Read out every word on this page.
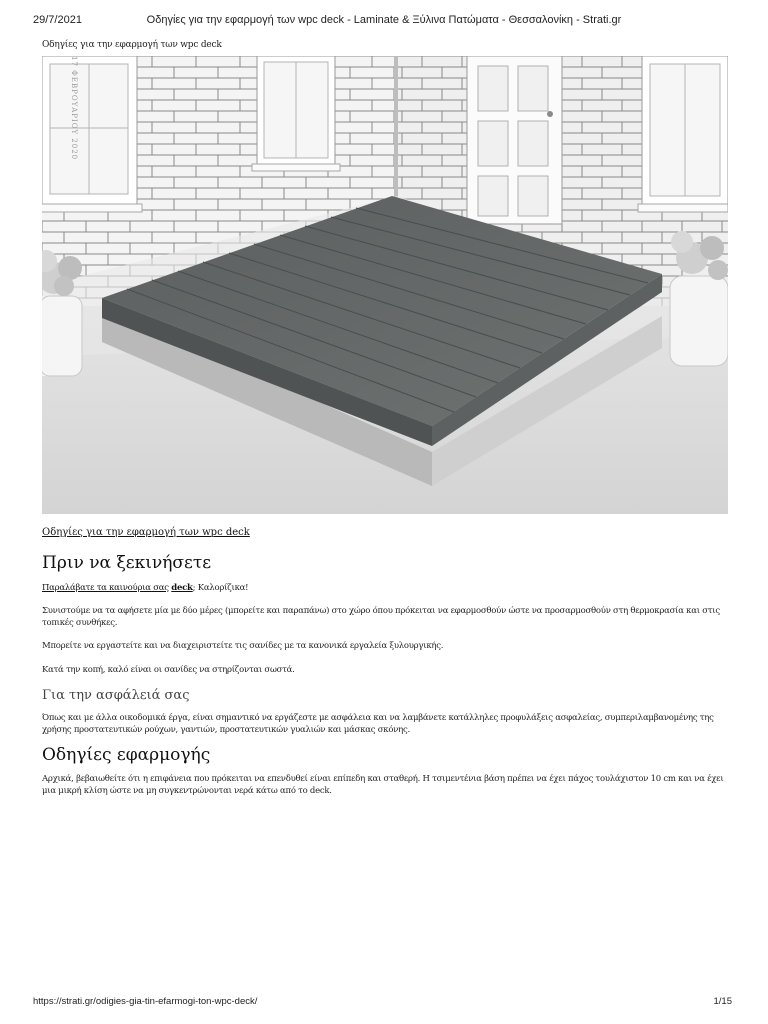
29/7/2021	Οδηγίες για την εφαρμογή των wpc deck - Laminate & Ξύλινα Πατώματα - Θεσσαλονίκη - Strati.gr
Οδηγίες για την εφαρμογή των wpc deck
17 ΦΕΒΡΟΥΑΡΙΟΥ 2020
Οδηγίες για την εφαρμογή των wpc deck
Πριν να ξεκινήσετε

Παραλάβατε τα καινούρια σας deck; Καλορίζικα!

Συνιστούμε να τα αφήσετε μία με δύο μέρες (μπορείτε και παραπάνω) στο χώρο όπου πρόκειται να εφαρμοσθούν ώστε να προσαρμοσθούν στη θερμοκρασία και στις τοπικές συνθήκες.

Μπορείτε να εργαστείτε και να διαχειριστείτε τις σανίδες με τα κανονικά εργαλεία ξυλουργικής.

Κατά την κοπή, καλό είναι οι σανίδες να στηρίζονται σωστά.

Για την ασφάλειά σας

Όπως και με άλλα οικοδομικά έργα, είναι σημαντικό να εργάζεστε με ασφάλεια και να λαμβάνετε κατάλληλες προφυλάξεις ασφαλείας, συμπεριλαμβανομένης της χρήσης προστατευτικών ρούχων, γαντιών, προστατευτικών γυαλιών και μάσκας σκόνης.

Οδηγίες εφαρμογής

Αρχικά, βεβαιωθείτε ότι η επιφάνεια που πρόκειται να επενδυθεί είναι επίπεδη και σταθερή. Η τσιμεντένια βάση πρέπει να έχει πάχος τουλάχιστον 10 cm και να έχει μια μικρή κλίση ώστε να μη συγκεντρώνονται νερά κάτω από το deck.

https://strati.gr/odigies-gia-tin-efarmogi-ton-wpc-deck/	1/15
